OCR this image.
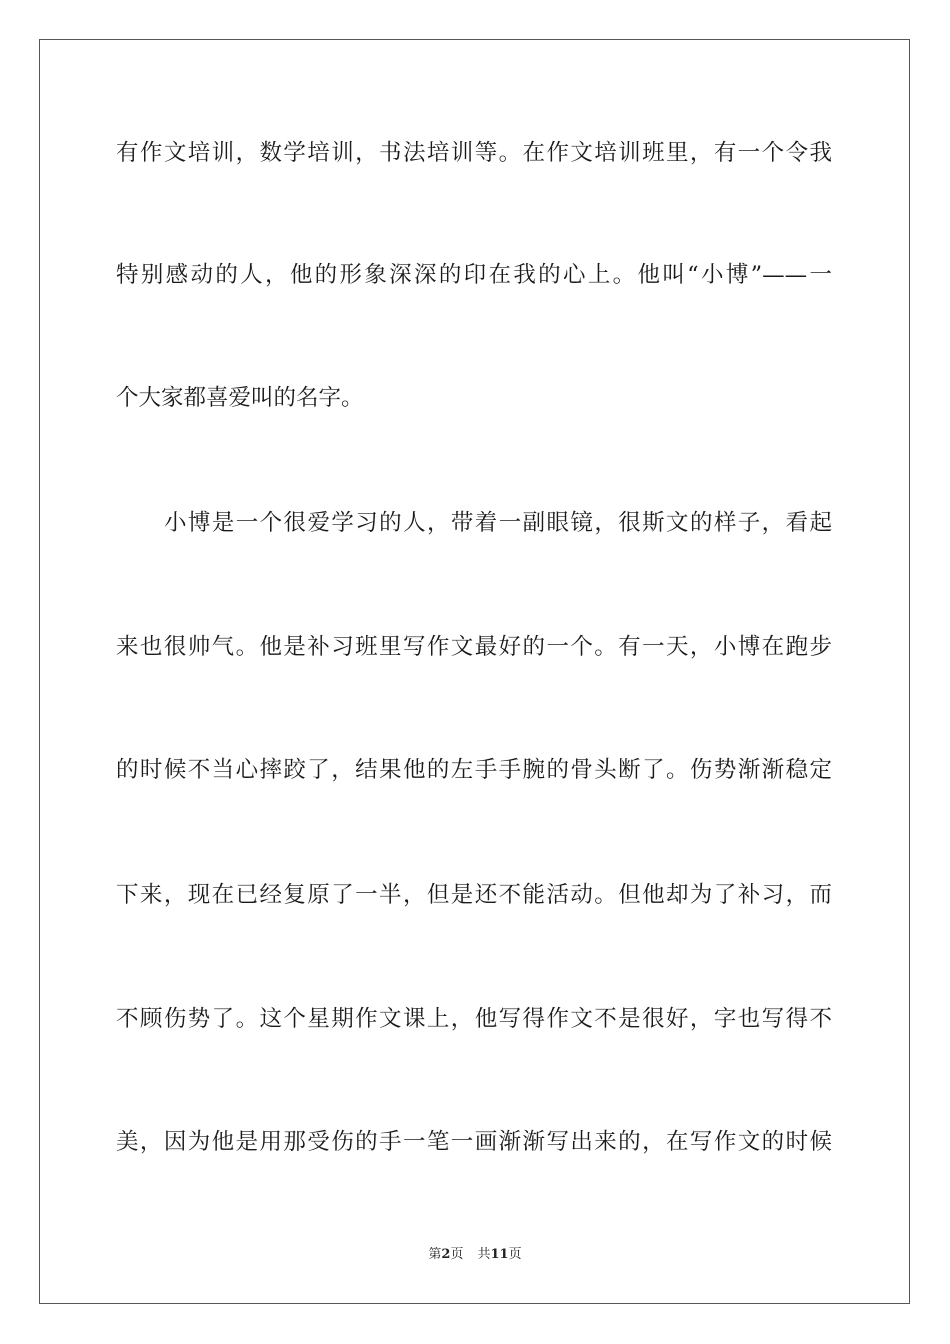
有作文培训，数学培训，书法培训等。在作文培训班里，有一个令我
特别感动的人，他的形象深深的印在我的心上。他叫“小博”——一
个大家都喜爱叫的名字。
小博是一个很爱学习的人，带着一副眼镜，很斯文的样子，看起
来也很帅气。他是补习班里写作文最好的一个。有一天，小博在跑步
的时候不当心摔跤了，结果他的左手手腕的骨头断了。伤势渐渐稳定
下来，现在已经复原了一半，但是还不能活动。但他却为了补习，而
不顾伤势了。这个星期作文课上，他写得作文不是很好，字也写得不
美，因为他是用那受伤的手一笔一画渐渐写出来的，在写作文的时候
第2页 共11页
